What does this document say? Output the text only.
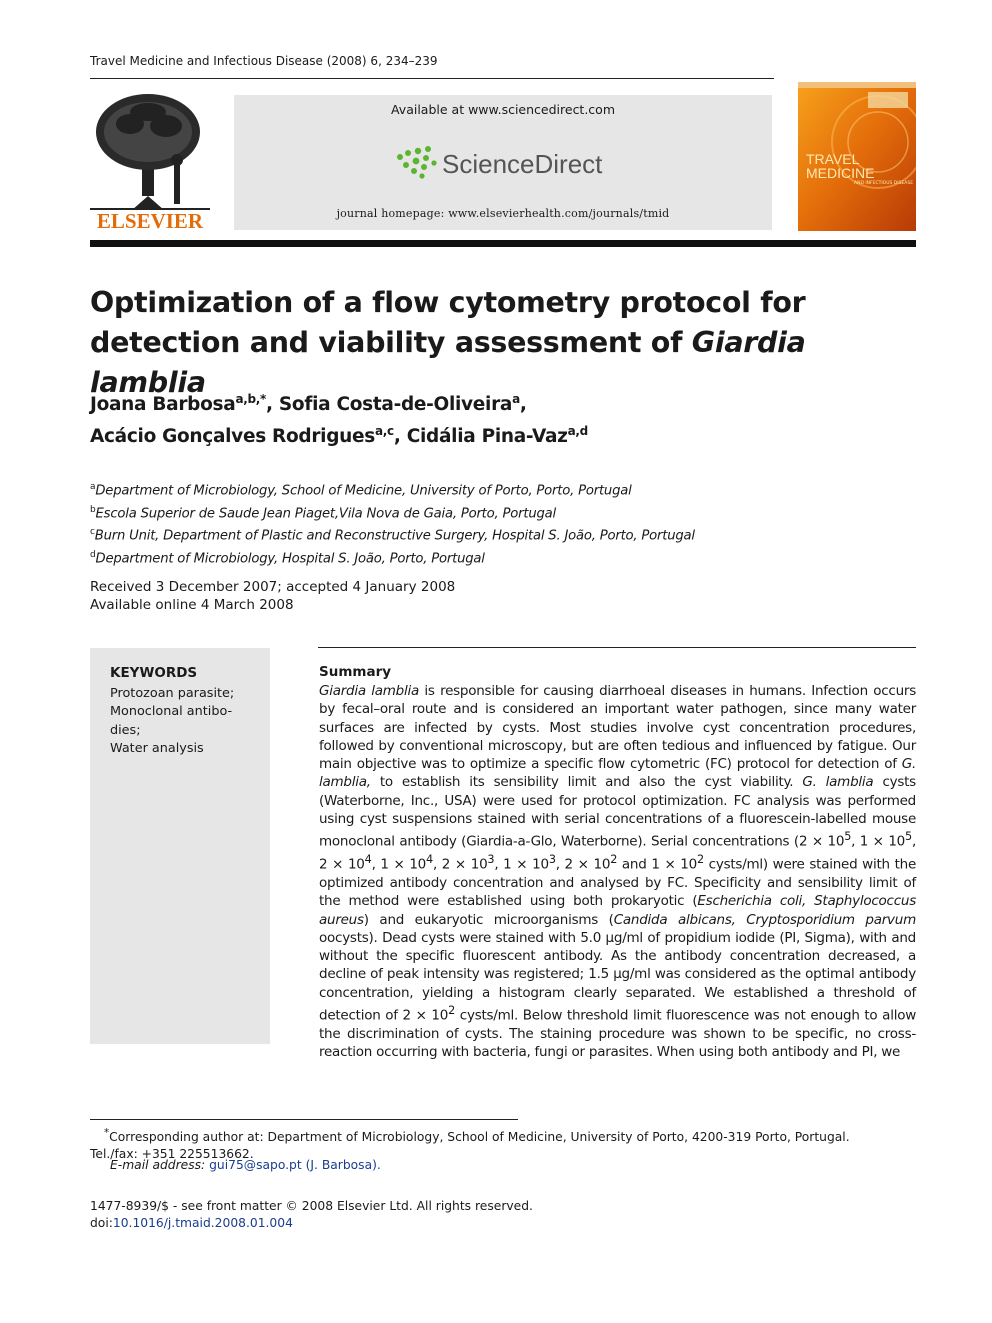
Travel Medicine and Infectious Disease (2008) 6, 234–239
ELSEVIER
Available at www.sciencedirect.com
ScienceDirect
journal homepage: www.elsevierhealth.com/journals/tmid
TRAVEL
MEDICINE
AND INFECTIOUS DISEASE
Optimization of a flow cytometry protocol for
detection and viability assessment of Giardia lamblia
Joana Barbosa$^{a,b,*}$, Sofia Costa-de-Oliveira$^a$,
Acácio Gonçalves Rodrigues$^{a,c}$, Cidália Pina-Vaz$^{a,d}$
$^a$Department of Microbiology, School of Medicine, University of Porto, Porto, Portugal
$^b$Escola Superior de Saude Jean Piaget,Vila Nova de Gaia, Porto, Portugal
$^c$Burn Unit, Department of Plastic and Reconstructive Surgery, Hospital S. João, Porto, Portugal
$^d$Department of Microbiology, Hospital S. João, Porto, Portugal
Received 3 December 2007; accepted 4 January 2008
Available online 4 March 2008
KEYWORDS
Protozoan parasite;
Monoclonal antibo-
dies;
Water analysis
Summary

Giardia lamblia is responsible for causing diarrhoeal diseases in humans. Infection occurs by fecal–oral route and is considered an important water pathogen, since many water surfaces are infected by cysts. Most studies involve cyst concentration procedures, followed by conventional microscopy, but are often tedious and influenced by fatigue. Our main objective was to optimize a specific flow cytometric (FC) protocol for detection of G. lamblia, to establish its sensibility limit and also the cyst viability. G. lamblia cysts (Waterborne, Inc., USA) were used for protocol optimization. FC analysis was performed using cyst suspensions stained with serial concentrations of a fluorescein-labelled mouse monoclonal antibody (Giardia-a-Glo, Waterborne). Serial concentrations ($2 \times 10^5$, $1 \times 10^5$, $2 \times 10^4$, $1 \times 10^4$, $2 \times 10^3$, $1 \times 10^3$, $2 \times 10^2$ and $1 \times 10^2$ cysts/ml) were stained with the optimized antibody concentration and analysed by FC. Specificity and sensibility limit of the method were established using both prokaryotic (Escherichia coli, Staphylococcus aureus) and eukaryotic microorganisms (Candida albicans, Cryptosporidium parvum oocysts). Dead cysts were stained with 5.0 μg/ml of propidium iodide (PI, Sigma), with and without the specific fluorescent antibody. As the antibody concentration decreased, a decline of peak intensity was registered; 1.5 μg/ml was considered as the optimal antibody concentration, yielding a histogram clearly separated. We established a threshold of detection of $2 \times 10^2$ cysts/ml. Below threshold limit fluorescence was not enough to allow the discrimination of cysts. The staining procedure was shown to be specific, no cross-reaction occurring with bacteria, fungi or parasites. When using both antibody and PI, we

*Corresponding author at: Department of Microbiology, School of Medicine, University of Porto, 4200-319 Porto, Portugal.
Tel./fax: +351 225513662.
E-mail address: gui75@sapo.pt (J. Barbosa).
1477-8939/$ - see front matter © 2008 Elsevier Ltd. All rights reserved.
doi:10.1016/j.tmaid.2008.01.004
